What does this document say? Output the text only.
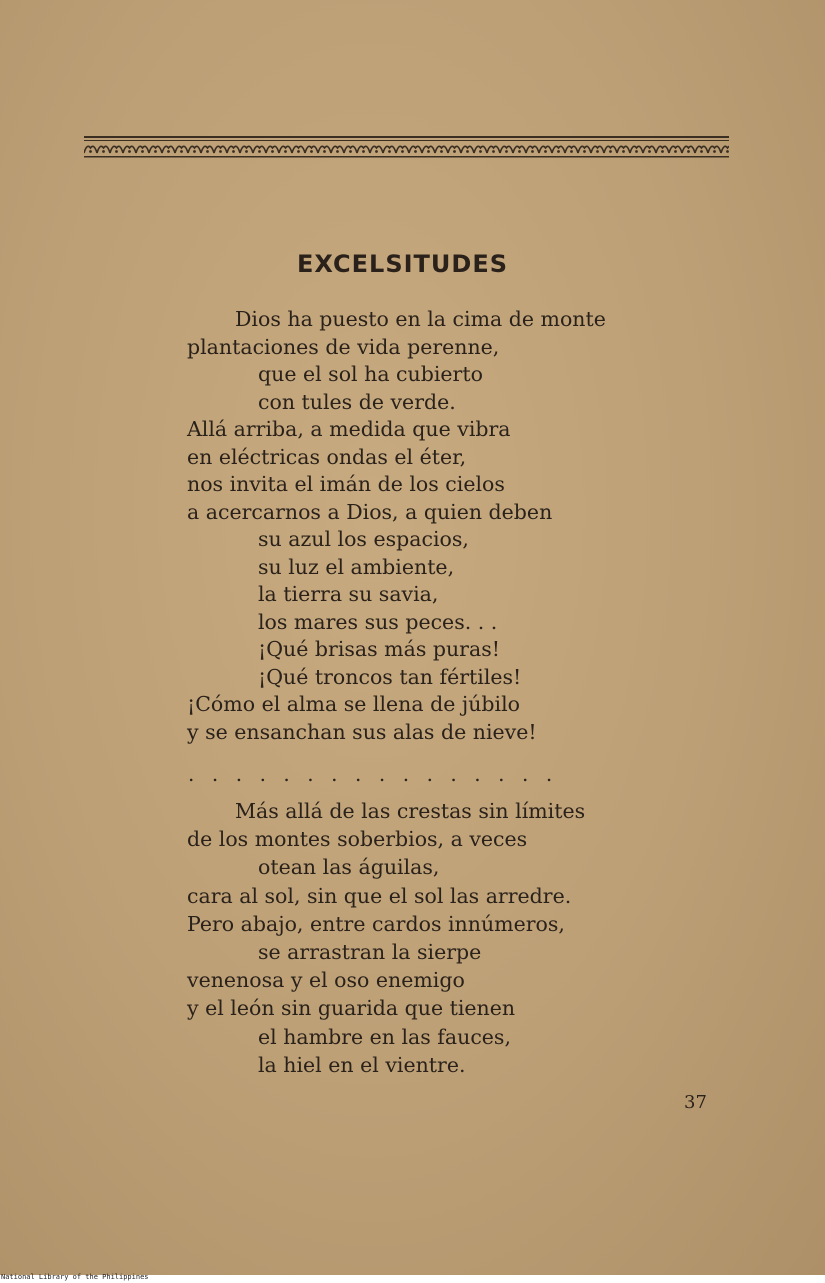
EXCELSITUDES
Dios ha puesto en la cima de monte
plantaciones de vida perenne,
que el sol ha cubierto
con tules de verde.
Allá arriba, a medida que vibra
en eléctricas ondas el éter,
nos invita el imán de los cielos
a acercarnos a Dios, a quien deben
su azul los espacios,
su luz el ambiente,
la tierra su savia,
los mares sus peces. . .
¡Qué brisas más puras!
¡Qué troncos tan fértiles!
¡Cómo el alma se llena de júbilo
y se ensanchan sus alas de nieve!
................
Más allá de las crestas sin límites
de los montes soberbios, a veces
otean las águilas,
cara al sol, sin que el sol las arredre.
Pero abajo, entre cardos innúmeros,
se arrastran la sierpe
venenosa y el oso enemigo
y el león sin guarida que tienen
el hambre en las fauces,
la hiel en el vientre.
37
National Library of the Philippines
